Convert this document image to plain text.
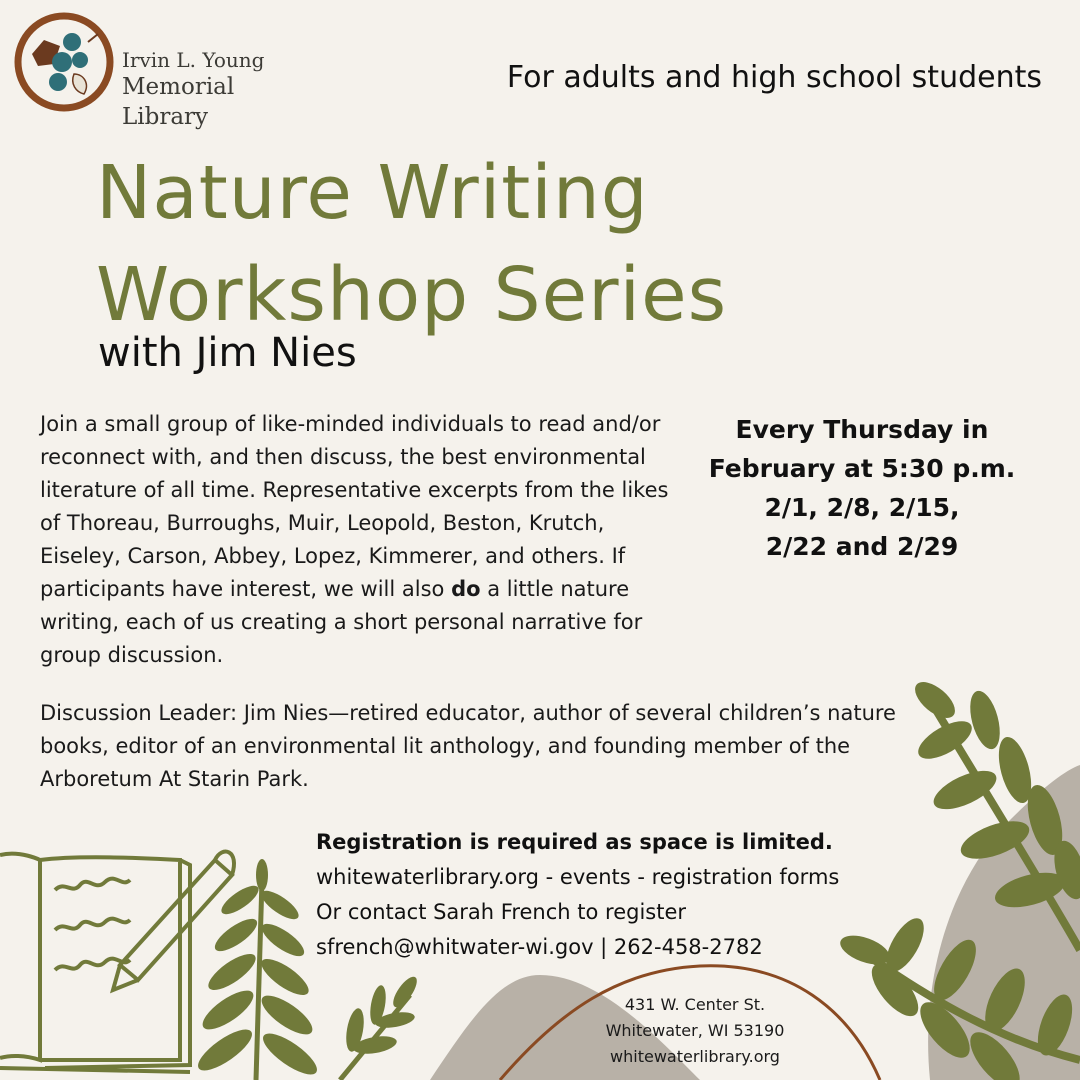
Irvin L. Young
Memorial Library
For adults and high school students
Nature Writing
Workshop Series
with Jim Nies
Join a small group of like-minded individuals to read and/or reconnect with, and then discuss, the best environmental literature of all time. Representative excerpts from the likes of Thoreau, Burroughs, Muir, Leopold, Beston, Krutch, Eiseley, Carson, Abbey, Lopez, Kimmerer, and others. If participants have interest, we will also do a little nature writing, each of us creating a short personal narrative for group discussion.
Every Thursday in
February at 5:30 p.m.
2/1, 2/8, 2/15,
2/22 and 2/29
Discussion Leader: Jim Nies—retired educator, author of several children’s nature books, editor of an environmental lit anthology, and founding member of the Arboretum At Starin Park.
Registration is required as space is limited.
whitewaterlibrary.org - events - registration forms
Or contact Sarah French to register
sfrench@whitwater-wi.gov | 262-458-2782
431 W. Center St.
Whitewater, WI 53190
whitewaterlibrary.org
